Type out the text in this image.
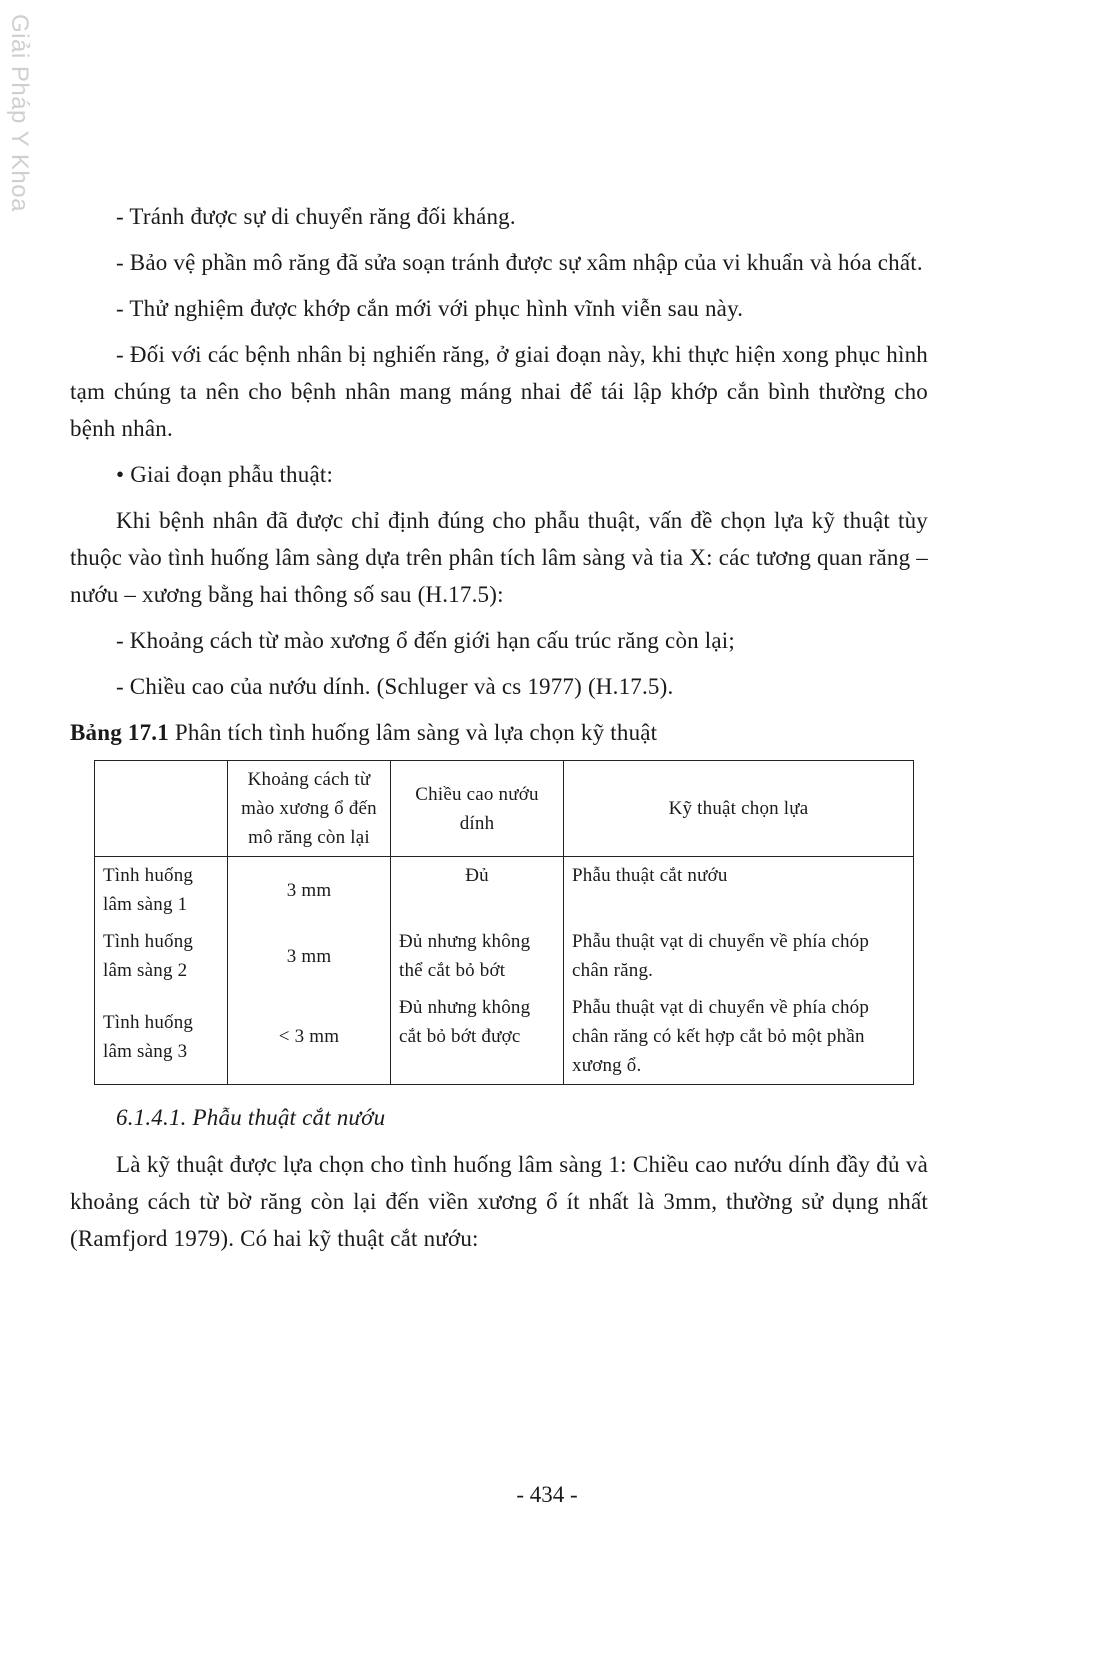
Giải Pháp Y Khoa

- Tránh được sự di chuyển răng đối kháng.

- Bảo vệ phần mô răng đã sửa soạn tránh được sự xâm nhập của vi khuẩn và hóa chất.

- Thử nghiệm được khớp cắn mới với phục hình vĩnh viễn sau này.

- Đối với các bệnh nhân bị nghiến răng, ở giai đoạn này, khi thực hiện xong phục hình tạm chúng ta nên cho bệnh nhân mang máng nhai để tái lập khớp cắn bình thường cho bệnh nhân.

• Giai đoạn phẫu thuật:

Khi bệnh nhân đã được chỉ định đúng cho phẫu thuật, vấn đề chọn lựa kỹ thuật tùy thuộc vào tình huống lâm sàng dựa trên phân tích lâm sàng và tia X: các tương quan răng – nướu – xương bằng hai thông số sau (H.17.5):

- Khoảng cách từ mào xương ổ đến giới hạn cấu trúc răng còn lại;

- Chiều cao của nướu dính. (Schluger và cs 1977) (H.17.5).

Bảng 17.1 Phân tích tình huống lâm sàng và lựa chọn kỹ thuật

	Khoảng cách từ mào xương ổ đến mô răng còn lại	Chiều cao nướu dính	Kỹ thuật chọn lựa
Tình huống lâm sàng 1	3 mm	Đủ	Phẫu thuật cắt nướu
Tình huống lâm sàng 2	3 mm	Đủ nhưng không thể cắt bỏ bớt	Phẫu thuật vạt di chuyển về phía chóp chân răng.
Tình huống lâm sàng 3	< 3 mm	Đủ nhưng không cắt bỏ bớt được	Phẫu thuật vạt di chuyển về phía chóp chân răng có kết hợp cắt bỏ một phần xương ổ.

6.1.4.1. Phẫu thuật cắt nướu

Là kỹ thuật được lựa chọn cho tình huống lâm sàng 1: Chiều cao nướu dính đầy đủ và khoảng cách từ bờ răng còn lại đến viền xương ổ ít nhất là 3mm, thường sử dụng nhất (Ramfjord 1979). Có hai kỹ thuật cắt nướu:

- 434 -
